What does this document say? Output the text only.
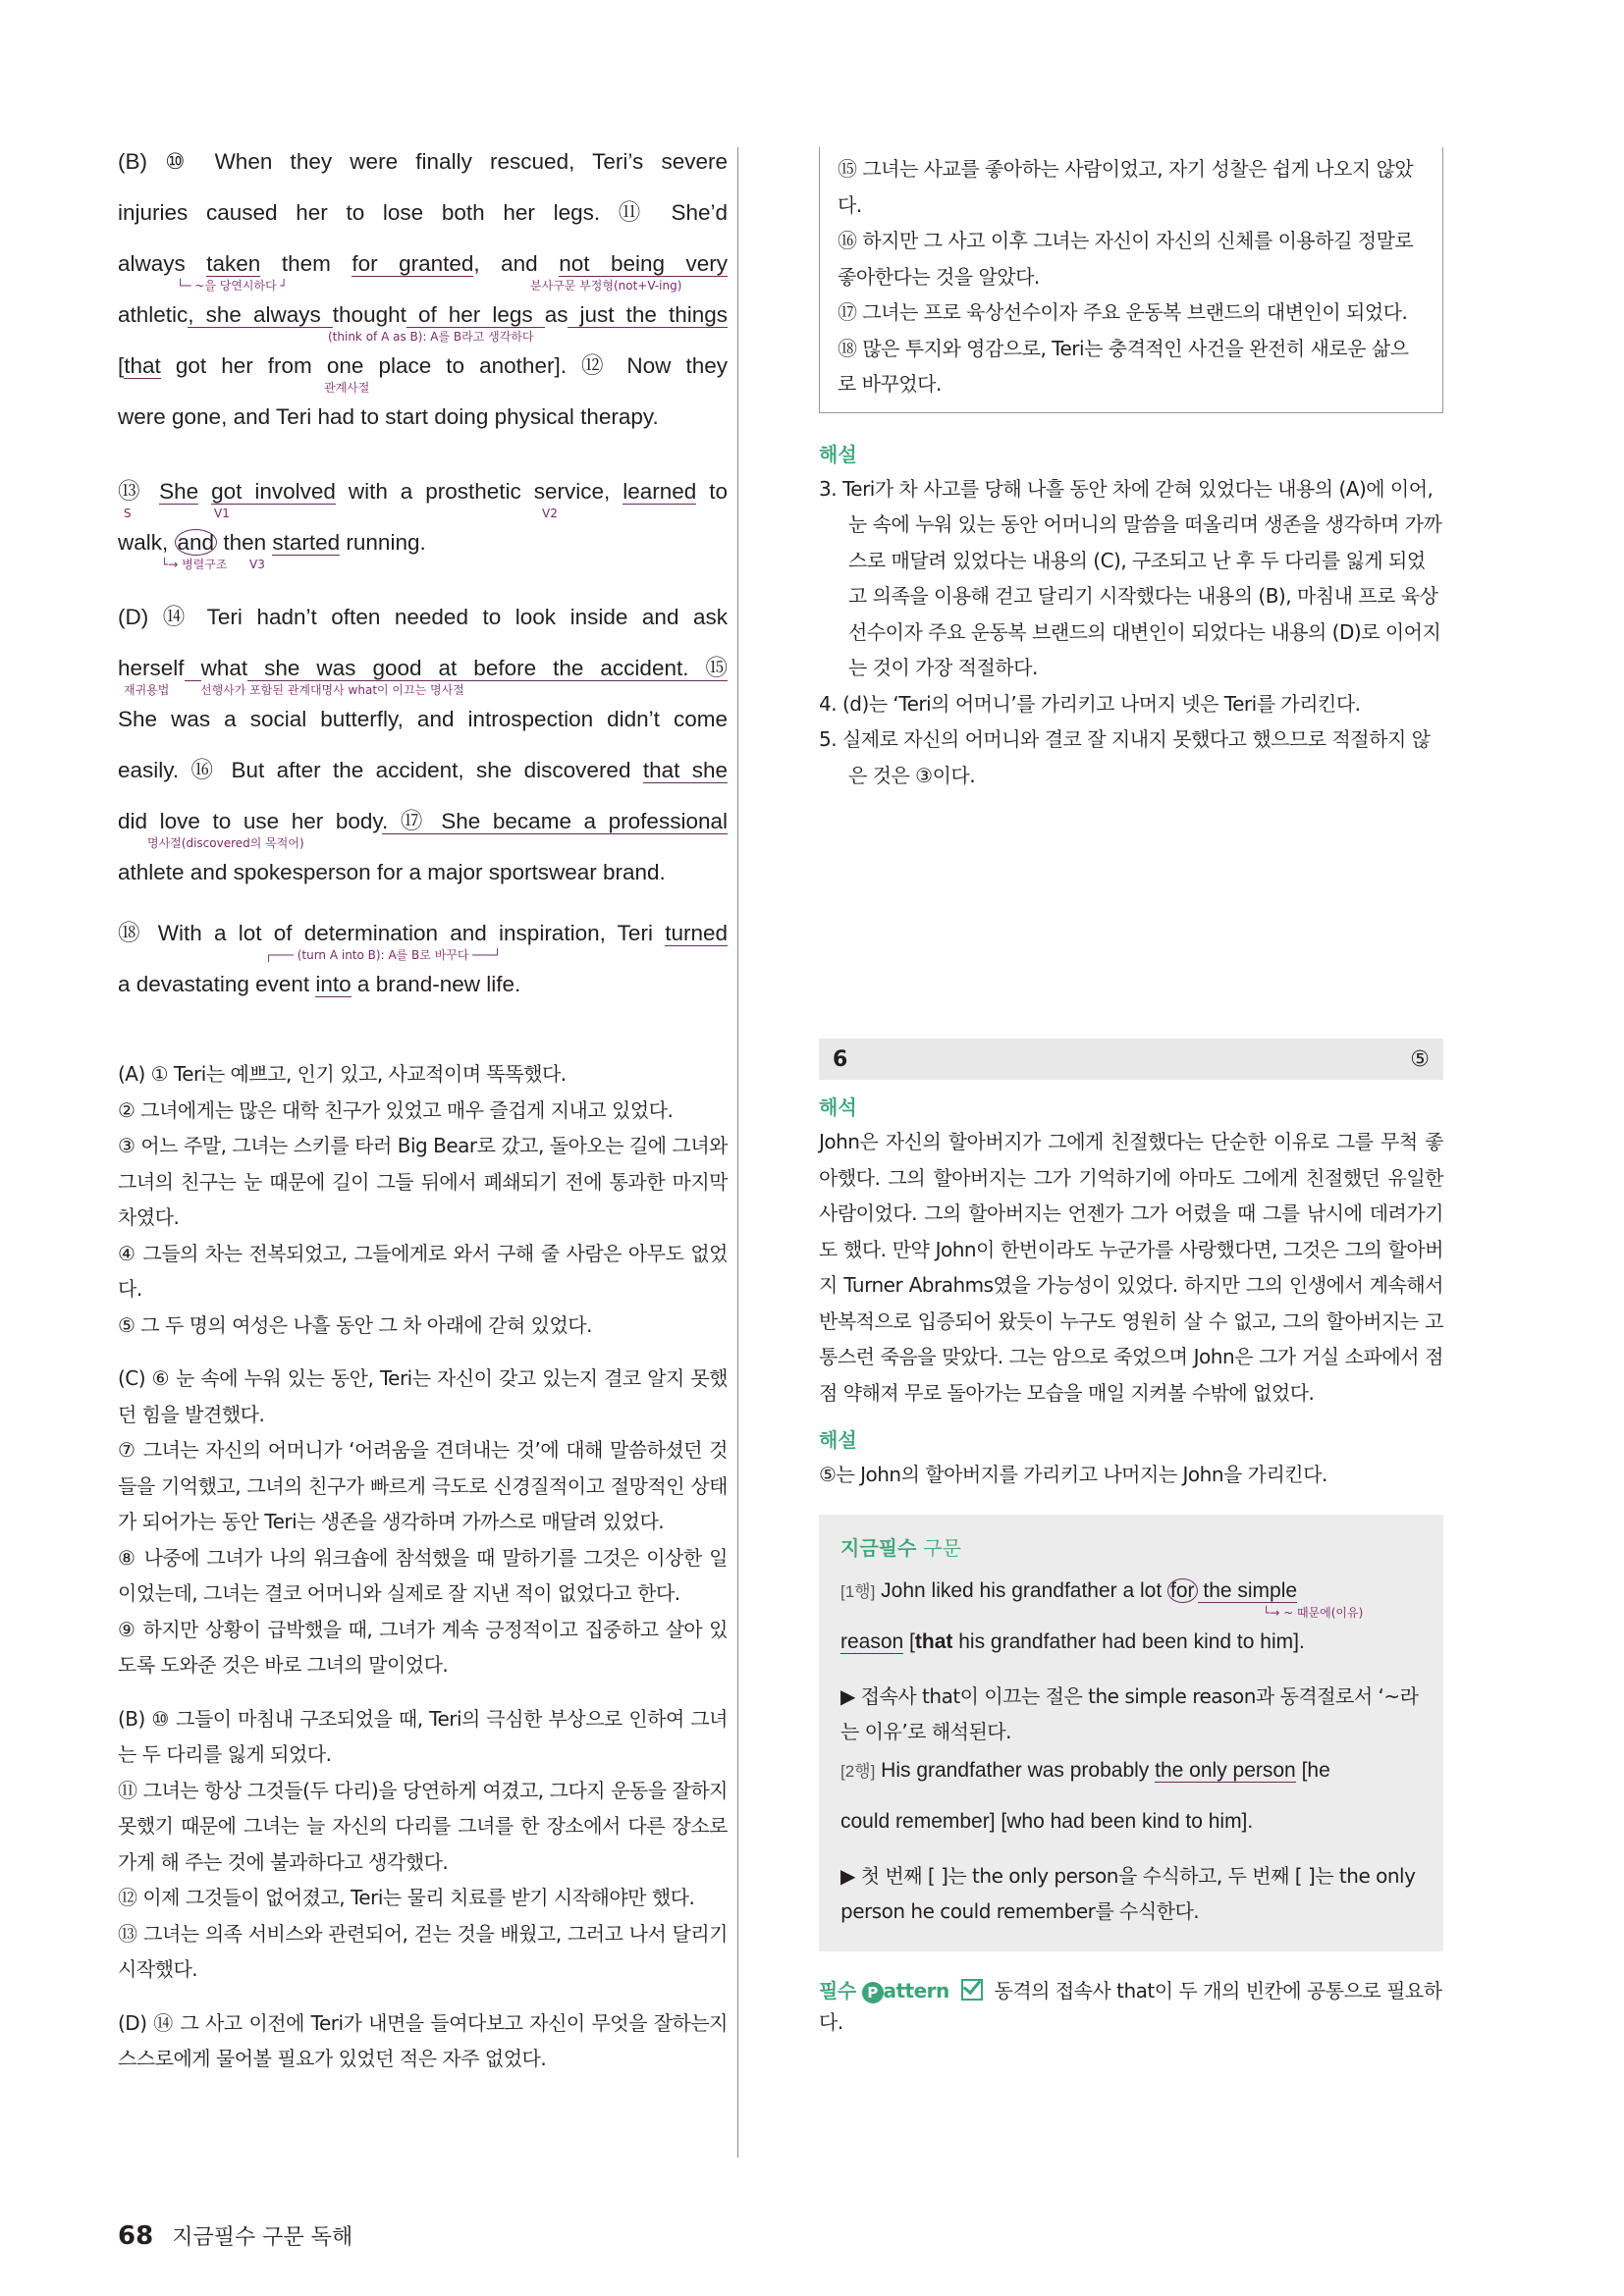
(B) ⑩ When they were finally rescued, Teri’s severe
injuries caused her to lose both her legs. ⑪ She’d
always taken them for granted, and not being very
└─ ~을 당연시하다 ┘	분사구문 부정형(not+V-ing)
athletic, she always thought of her legs as just the things
(think of A as B): A를 B라고 생각하다
[that got her from one place to another]. ⑫ Now they
관계사절
were gone, and Teri had to start doing physical therapy.
⑬ She got involved with a prosthetic service, learned to
S	V1	V2
walk, and then started running.
└→ 병렬구조 V3
(D) ⑭ Teri hadn’t often needed to look inside and ask
herself what she was good at before the accident. ⑮
재귀용법	선행사가 포함된 관계대명사 what이 이끄는 명사절
She was a social butterfly, and introspection didn’t come
easily. ⑯ But after the accident, she discovered that she
did love to use her body. ⑰ She became a professional
명사절(discovered의 목적어)
athlete and spokesperson for a major sportswear brand.
⑱ With a lot of determination and inspiration, Teri turned
┌─── (turn A into B): A를 B로 바꾸다 ───┘
a devastating event into a brand-new life.

(A) ① Teri는 예쁘고, 인기 있고, 사교적이며 똑똑했다.

② 그녀에게는 많은 대학 친구가 있었고 매우 즐겁게 지내고 있었다.

③ 어느 주말, 그녀는 스키를 타러 Big Bear로 갔고, 돌아오는 길에 그녀와 그녀의 친구는 눈 때문에 길이 그들 뒤에서 폐쇄되기 전에 통과한 마지막 차였다.

④ 그들의 차는 전복되었고, 그들에게로 와서 구해 줄 사람은 아무도 없었다.

⑤ 그 두 명의 여성은 나흘 동안 그 차 아래에 갇혀 있었다.

(C) ⑥ 눈 속에 누워 있는 동안, Teri는 자신이 갖고 있는지 결코 알지 못했던 힘을 발견했다.

⑦ 그녀는 자신의 어머니가 ‘어려움을 견뎌내는 것’에 대해 말씀하셨던 것들을 기억했고, 그녀의 친구가 빠르게 극도로 신경질적이고 절망적인 상태가 되어가는 동안 Teri는 생존을 생각하며 가까스로 매달려 있었다.

⑧ 나중에 그녀가 나의 워크숍에 참석했을 때 말하기를 그것은 이상한 일이었는데, 그녀는 결코 어머니와 실제로 잘 지낸 적이 없었다고 한다.

⑨ 하지만 상황이 급박했을 때, 그녀가 계속 긍정적이고 집중하고 살아 있도록 도와준 것은 바로 그녀의 말이었다.

(B) ⑩ 그들이 마침내 구조되었을 때, Teri의 극심한 부상으로 인하여 그녀는 두 다리를 잃게 되었다.

⑪ 그녀는 항상 그것들(두 다리)을 당연하게 여겼고, 그다지 운동을 잘하지 못했기 때문에 그녀는 늘 자신의 다리를 그녀를 한 장소에서 다른 장소로 가게 해 주는 것에 불과하다고 생각했다.

⑫ 이제 그것들이 없어졌고, Teri는 물리 치료를 받기 시작해야만 했다.

⑬ 그녀는 의족 서비스와 관련되어, 걷는 것을 배웠고, 그러고 나서 달리기 시작했다.

(D) ⑭ 그 사고 이전에 Teri가 내면을 들여다보고 자신이 무엇을 잘하는지 스스로에게 물어볼 필요가 있었던 적은 자주 없었다.

⑮ 그녀는 사교를 좋아하는 사람이었고, 자기 성찰은 쉽게 나오지 않았다.

⑯ 하지만 그 사고 이후 그녀는 자신이 자신의 신체를 이용하길 정말로 좋아한다는 것을 알았다.

⑰ 그녀는 프로 육상선수이자 주요 운동복 브랜드의 대변인이 되었다.

⑱ 많은 투지와 영감으로, Teri는 충격적인 사건을 완전히 새로운 삶으로 바꾸었다.

해설

3. Teri가 차 사고를 당해 나흘 동안 차에 갇혀 있었다는 내용의 (A)에 이어, 눈 속에 누워 있는 동안 어머니의 말씀을 떠올리며 생존을 생각하며 가까스로 매달려 있었다는 내용의 (C), 구조되고 난 후 두 다리를 잃게 되었고 의족을 이용해 걷고 달리기 시작했다는 내용의 (B), 마침내 프로 육상선수이자 주요 운동복 브랜드의 대변인이 되었다는 내용의 (D)로 이어지는 것이 가장 적절하다.

4. (d)는 ‘Teri의 어머니’를 가리키고 나머지 넷은 Teri를 가리킨다.

5. 실제로 자신의 어머니와 결코 잘 지내지 못했다고 했으므로 적절하지 않은 것은 ③이다.

6	⑤

해석

John은 자신의 할아버지가 그에게 친절했다는 단순한 이유로 그를 무척 좋아했다. 그의 할아버지는 그가 기억하기에 아마도 그에게 친절했던 유일한 사람이었다. 그의 할아버지는 언젠가 그가 어렸을 때 그를 낚시에 데려가기도 했다. 만약 John이 한번이라도 누군가를 사랑했다면, 그것은 그의 할아버지 Turner Abrahms였을 가능성이 있었다. 하지만 그의 인생에서 계속해서 반복적으로 입증되어 왔듯이 누구도 영원히 살 수 없고, 그의 할아버지는 고통스런 죽음을 맞았다. 그는 암으로 죽었으며 John은 그가 거실 소파에서 점점 약해져 무로 돌아가는 모습을 매일 지켜볼 수밖에 없었다.

해설

⑤는 John의 할아버지를 가리키고 나머지는 John을 가리킨다.

지금필수 구문
[1행] John liked his grandfather a lot for the simple
└→ ~ 때문에(이유)
reason [that his grandfather had been kind to him].

▶ 접속사 that이 이끄는 절은 the simple reason과 동격절로서 ‘~라는 이유’로 해석된다.

[2행] His grandfather was probably the only person [he
could remember] [who had been kind to him].

▶ 첫 번째 [ ]는 the only person을 수식하고, 두 번째 [ ]는 the only person he could remember를 수식한다.

필수 P attern 동격의 접속사 that이 두 개의 빈칸에 공통으로 필요하다.
68 지금필수 구문 독해
